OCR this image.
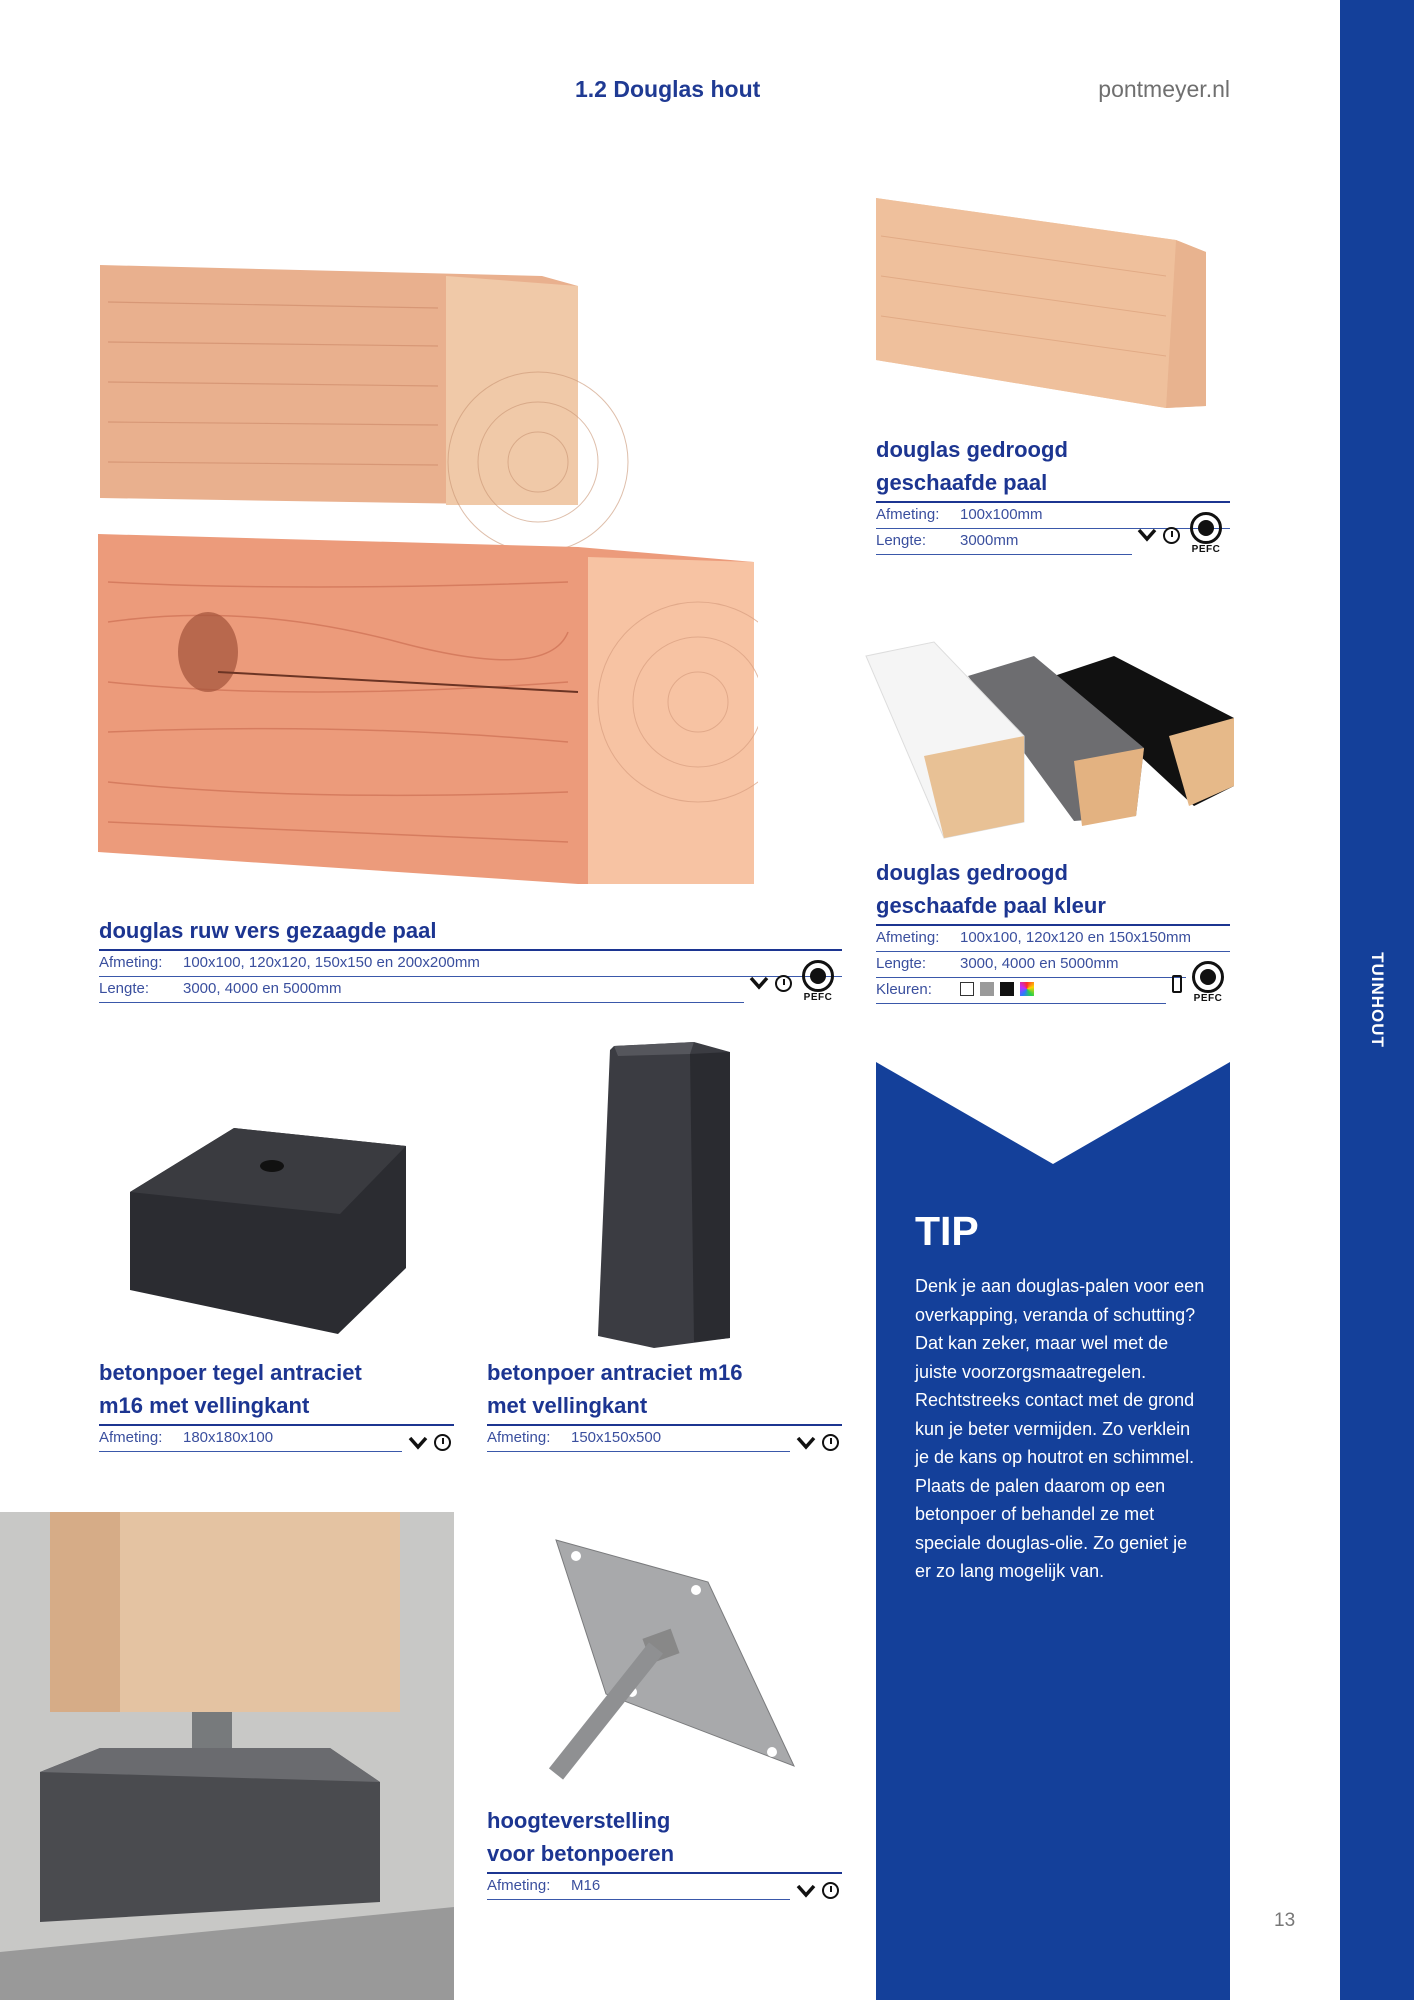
TUINHOUT
1.2 Douglas hout	pontmeyer.nl
douglas ruw vers gezaagde paal
Afmeting: 100x100, 120x120, 150x150 en 200x200mm
Lengte: 3000, 4000 en 5000mm
PEFC
douglas gedroogd
geschaafde paal
Afmeting: 100x100mm
Lengte: 3000mm
PEFC
douglas gedroogd
geschaafde paal kleur
Afmeting: 100x100, 120x120 en 150x150mm
Lengte: 3000, 4000 en 5000mm
Kleuren:
PEFC
betonpoer tegel antraciet
m16 met vellingkant
Afmeting: 180x180x100
betonpoer antraciet m16
met vellingkant
Afmeting: 150x150x500
hoogteverstelling
voor betonpoeren
Afmeting: M16
TIP
Denk je aan douglas-palen voor een overkapping, veranda of schutting? Dat kan zeker, maar wel met de juiste voorzorgsmaatregelen. Rechtstreeks contact met de grond kun je beter vermijden. Zo verklein je de kans op houtrot en schimmel. Plaats de palen daarom op een betonpoer of behandel ze met speciale douglas-olie. Zo geniet je er zo lang mogelijk van.
13
